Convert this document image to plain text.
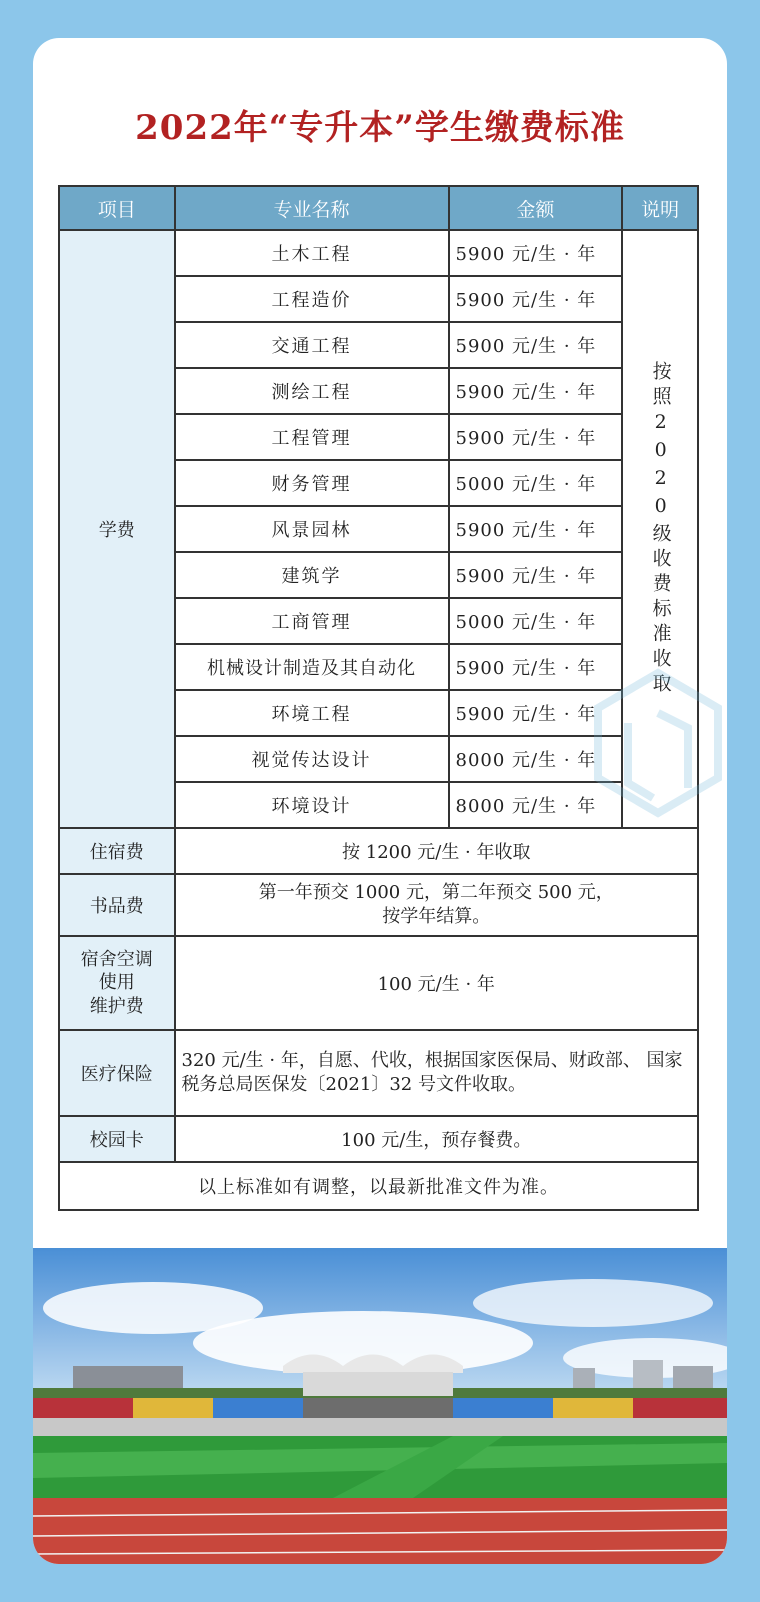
2022年“专升本”学生缴费标准
项目	专业名称	金额	说明
学费	土木工程	5900 元/生 · 年	按照2020级收费标准收取
	工程造价	5900 元/生 · 年	
	交通工程	5900 元/生 · 年	
	测绘工程	5900 元/生 · 年	
	工程管理	5900 元/生 · 年	
	财务管理	5000 元/生 · 年	
	风景园林	5900 元/生 · 年	
	建筑学	5900 元/生 · 年	
	工商管理	5000 元/生 · 年	
	机械设计制造及其自动化	5900 元/生 · 年	
	环境工程	5900 元/生 · 年	
	视觉传达设计	8000 元/生 · 年	
	环境设计	8000 元/生 · 年	
住宿费	按 1200 元/生 · 年收取		
书品费	第一年预交 1000 元，第二年预交 500 元，
按学年结算。		

宿舍空调
使用
维护费	100 元/生 · 年		
医疗保险	320 元/生 · 年，自愿、代收，根据国家医保局、财政部、 国家税务总局医保发〔2021〕32 号文件收取。		
校园卡	100 元/生，预存餐费。		
以上标准如有调整，以最新批准文件为准。			
